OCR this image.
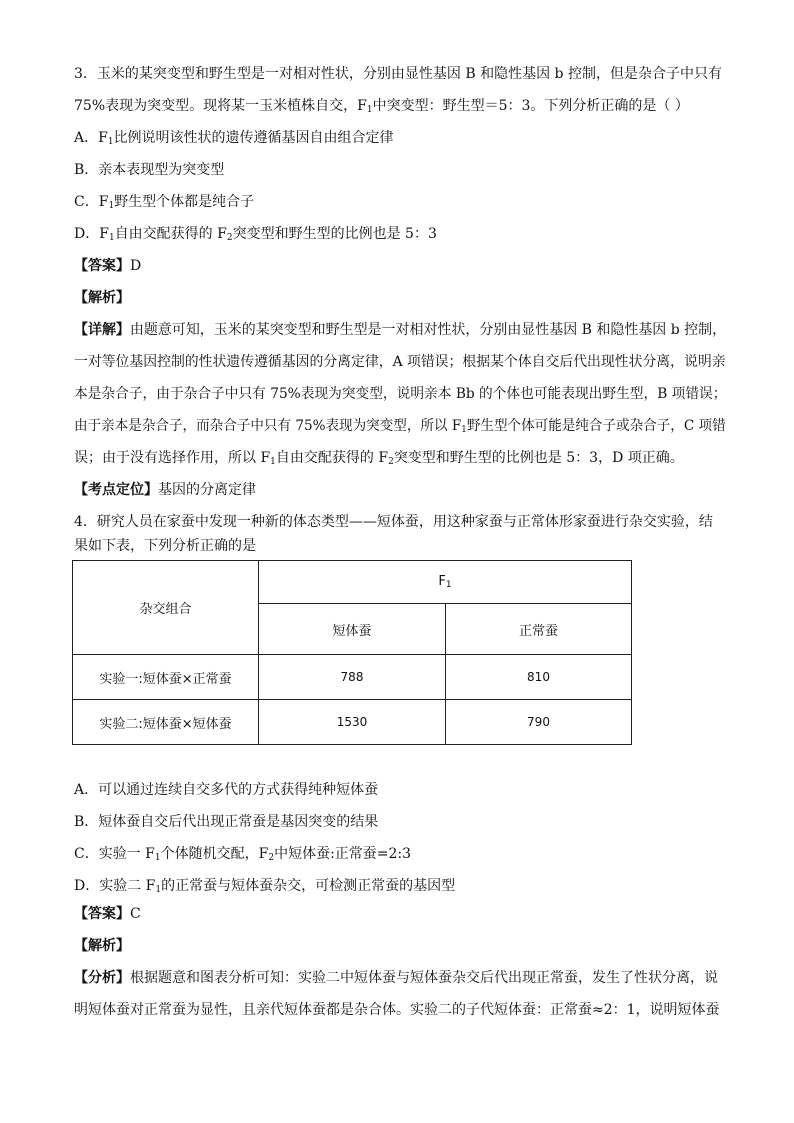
3．玉米的某突变型和野生型是一对相对性状，分别由显性基因 B 和隐性基因 b 控制，但是杂合子中只有
75%表现为突变型。现将某一玉米植株自交，$F_1$中突变型：野生型＝5：3。下列分析正确的是（ ）
A．$F_1$比例说明该性状的遗传遵循基因自由组合定律
B．亲本表现型为突变型
C．$F_1$野生型个体都是纯合子
D．$F_1$自由交配获得的 $F_2$突变型和野生型的比例也是 5：3
【答案】D
【解析】
【详解】由题意可知，玉米的某突变型和野生型是一对相对性状，分别由显性基因 B 和隐性基因 b 控制，
一对等位基因控制的性状遗传遵循基因的分离定律，A 项错误；根据某个体自交后代出现性状分离，说明亲
本是杂合子，由于杂合子中只有 75%表现为突变型，说明亲本 Bb 的个体也可能表现出野生型，B 项错误；
由于亲本是杂合子，而杂合子中只有 75%表现为突变型，所以 $F_1$野生型个体可能是纯合子或杂合子，C 项错
误；由于没有选择作用，所以 $F_1$自由交配获得的 $F_2$突变型和野生型的比例也是 5：3，D 项正确。
【考点定位】基因的分离定律
4．研究人员在家蚕中发现一种新的体态类型——短体蚕，用这种家蚕与正常体形家蚕进行杂交实验，结
果如下表，下列分析正确的是
杂交组合	$F_1$
	短体蚕	正常蚕
实验一:短体蚕×正常蚕	788	810
实验二:短体蚕×短体蚕	1530	790
A．可以通过连续自交多代的方式获得纯种短体蚕
B．短体蚕自交后代出现正常蚕是基因突变的结果
C．实验一 $F_1$个体随机交配，$F_2$中短体蚕:正常蚕=2:3
D．实验二 $F_1$的正常蚕与短体蚕杂交，可检测正常蚕的基因型
【答案】C
【解析】
【分析】根据题意和图表分析可知：实验二中短体蚕与短体蚕杂交后代出现正常蚕，发生了性状分离，说
明短体蚕对正常蚕为显性，且亲代短体蚕都是杂合体。实验二的子代短体蚕：正常蚕≈2：1，说明短体蚕
